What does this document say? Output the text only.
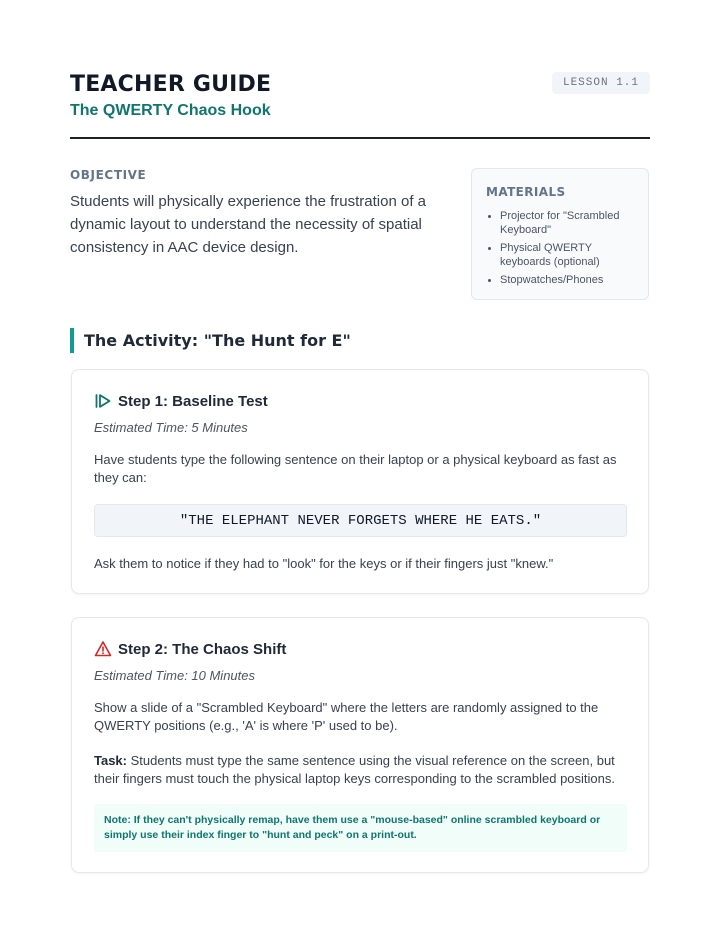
TEACHER GUIDE
The QWERTY Chaos Hook
LESSON 1.1
OBJECTIVE
Students will physically experience the frustration of a dynamic layout to understand the necessity of spatial consistency in AAC device design.
MATERIALS
Projector for "Scrambled Keyboard"
Physical QWERTY keyboards (optional)
Stopwatches/Phones
The Activity: "The Hunt for E"
Step 1: Baseline Test
Estimated Time: 5 Minutes
Have students type the following sentence on their laptop or a physical keyboard as fast as they can:
"THE ELEPHANT NEVER FORGETS WHERE HE EATS."
Ask them to notice if they had to "look" for the keys or if their fingers just "knew."
Step 2: The Chaos Shift
Estimated Time: 10 Minutes
Show a slide of a "Scrambled Keyboard" where the letters are randomly assigned to the QWERTY positions (e.g., 'A' is where 'P' used to be).
Task: Students must type the same sentence using the visual reference on the screen, but their fingers must touch the physical laptop keys corresponding to the scrambled positions.
Note: If they can't physically remap, have them use a "mouse-based" online scrambled keyboard or simply use their index finger to "hunt and peck" on a print-out.
